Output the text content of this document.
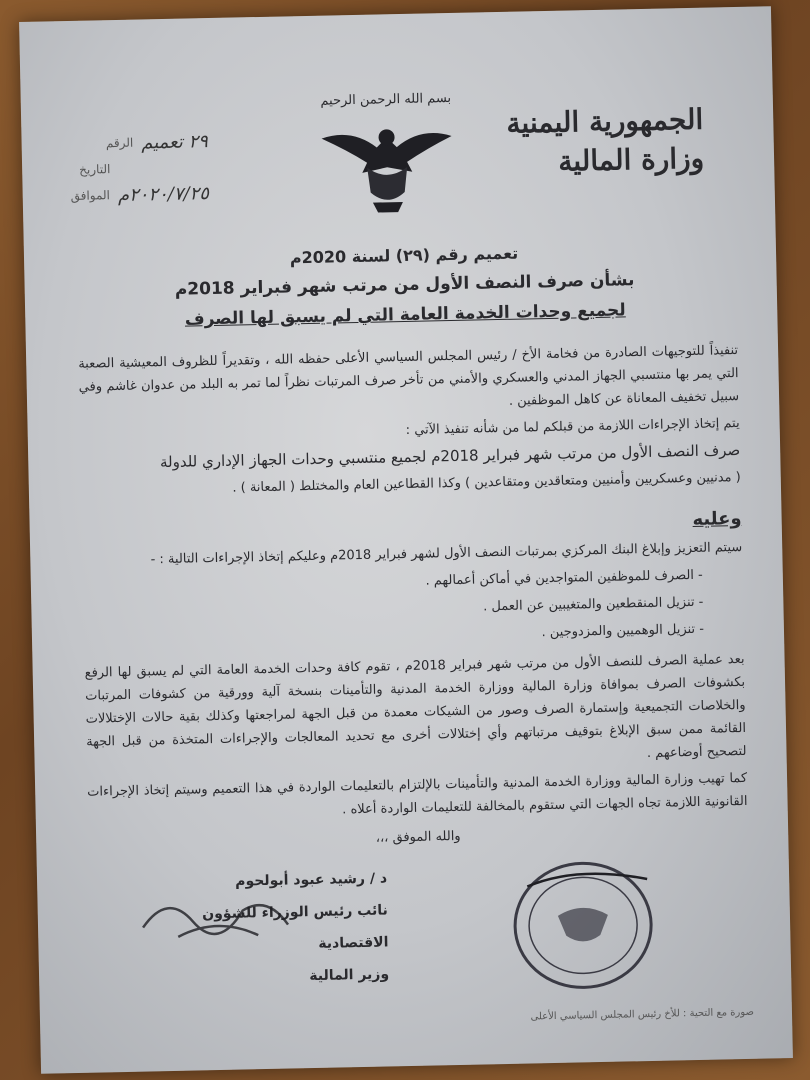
الجمهورية اليمنية
وزارة المالية
بسم الله الرحمن الرحيم
٢٩ تعميم
الرقم
التاريخ
٢٠٢٠/٧/٢٥م
الموافق
تعميم رقم (٢٩) لسنة 2020م
بشأن صرف النصف الأول من مرتب شهر فبراير 2018م
لجميع وحدات الخدمة العامة التي لم يسبق لها الصرف

تنفيذاً للتوجيهات الصادرة من فخامة الأخ / رئيس المجلس السياسي الأعلى حفظه الله ، وتقديراً للظروف المعيشية الصعبة التي يمر بها منتسبي الجهاز المدني والعسكري والأمني من تأخر صرف المرتبات نظراً لما تمر به البلد من عدوان غاشم وفي سبيل تخفيف المعاناة عن كاهل الموظفين .

يتم إتخاذ الإجراءات اللازمة من قبلكم لما من شأنه تنفيذ الآتي :

صرف النصف الأول من مرتب شهر فبراير 2018م لجميع منتسبي وحدات الجهاز الإداري للدولة

( مدنيين وعسكريين وأمنيين ومتعاقدين ومتقاعدين ) وكذا القطاعين العام والمختلط ( المعانة ) .

وعليه

سيتم التعزيز وإبلاغ البنك المركزي بمرتبات النصف الأول لشهر فبراير 2018م وعليكم إتخاذ الإجراءات التالية : -

- الصرف للموظفين المتواجدين في أماكن أعمالهم .
- تنزيل المنقطعين والمتغيبين عن العمل .
- تنزيل الوهميين والمزدوجين .

بعد عملية الصرف للنصف الأول من مرتب شهر فبراير 2018م ، تقوم كافة وحدات الخدمة العامة التي لم يسبق لها الرفع بكشوفات الصرف بموافاة وزارة المالية ووزارة الخدمة المدنية والتأمينات بنسخة آلية وورقية من كشوفات المرتبات والخلاصات التجميعية وإستمارة الصرف وصور من الشيكات معمدة من قبل الجهة لمراجعتها وكذلك بقية حالات الإختلالات القائمة ممن سبق الإبلاغ بتوقيف مرتباتهم وأي إختلالات أخرى مع تحديد المعالجات والإجراءات المتخذة من قبل الجهة لتصحيح أوضاعهم .

كما تهيب وزارة المالية ووزارة الخدمة المدنية والتأمينات بالإلتزام بالتعليمات الواردة في هذا التعميم وسيتم إتخاذ الإجراءات القانونية اللازمة تجاه الجهات التي ستقوم بالمخالفة للتعليمات الواردة أعلاه .

والله الموفق ،،،
د / رشيد عبود أبولحوم
نائب رئيس الوزراء للشؤون الاقتصادية
وزير المالية
صورة مع التحية : للأخ رئيس المجلس السياسي الأعلى
